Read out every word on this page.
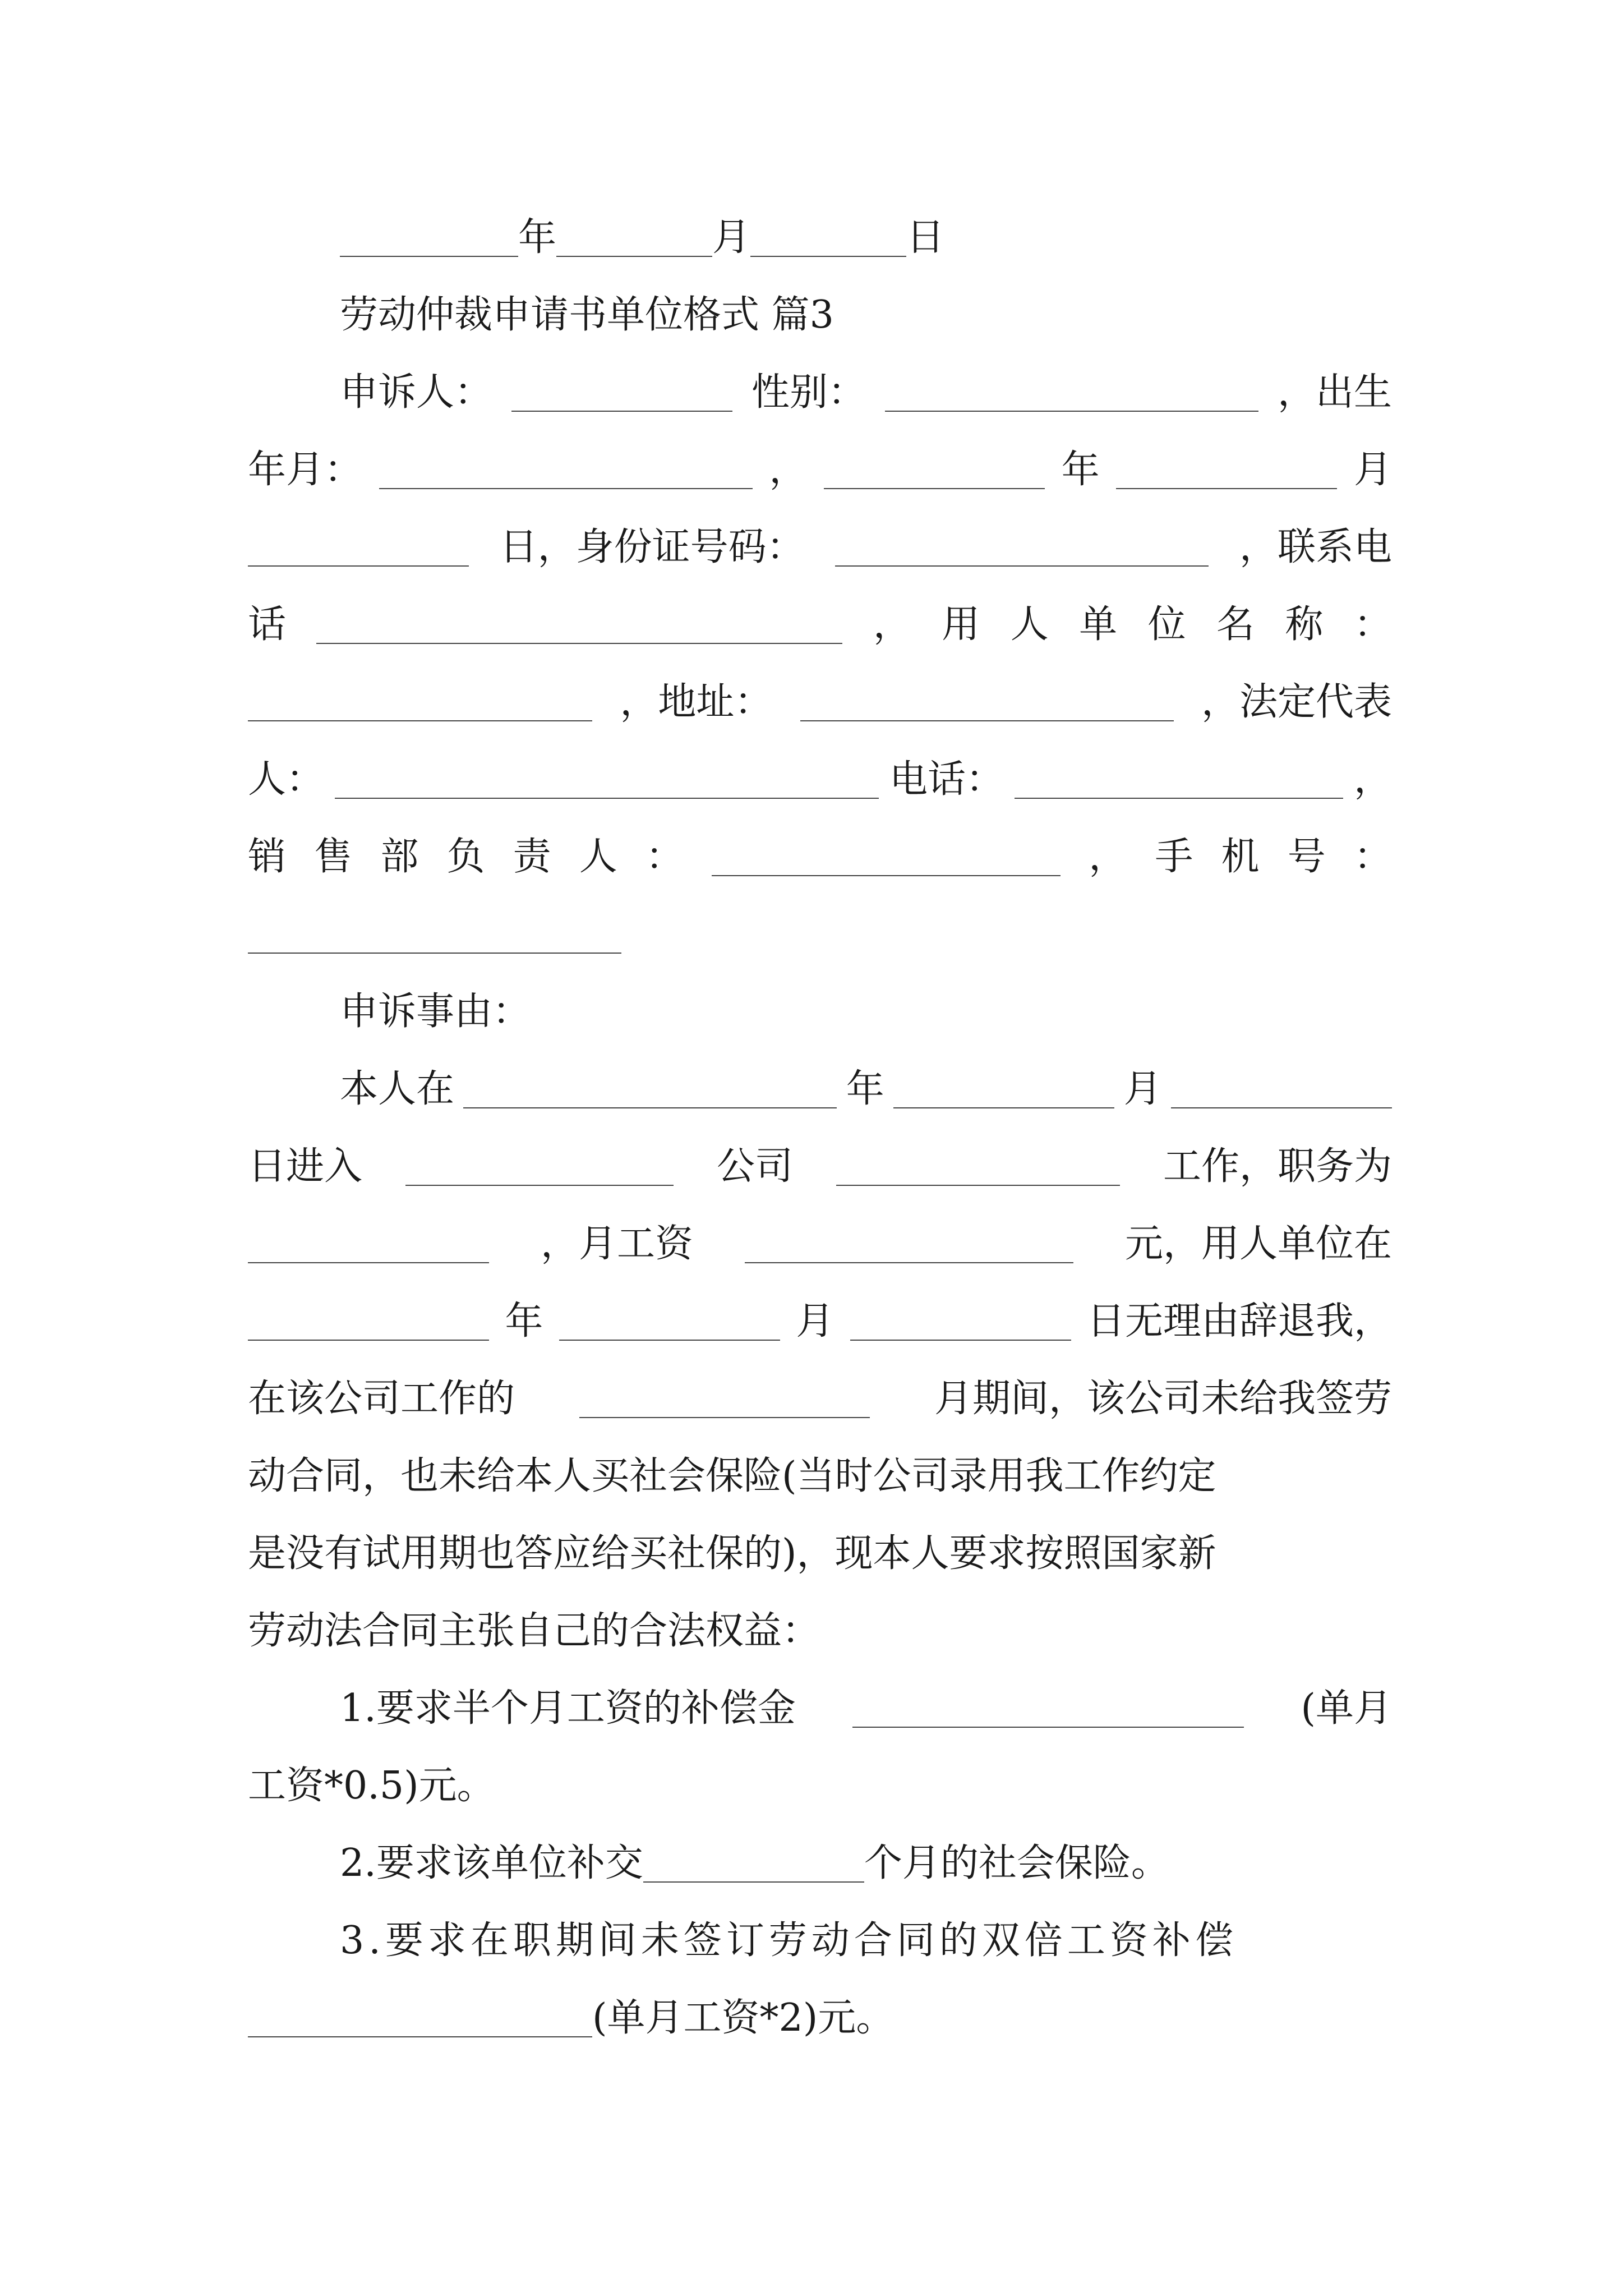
年	月	日
劳动仲裁申请书单位格式 篇3
申诉人：	性别：	，出生
年月：	，	年	月
日，身份证号码：	，联系电
话	， 用 人 单 位 名 称 ：
，地址：	，法定代表
人：	电话：	，
销 售 部 负 责 人 ：	， 手 机 号 ：
申诉事由：
本人在	年	月
日进入	公司	工作，职务为
，月工资	元，用人单位在
年	月	日无理由辞退我，
在该公司工作的	月期间，该公司未给我签劳
动合同，也未给本人买社会保险(当时公司录用我工作约定
是没有试用期也答应给买社保的)，现本人要求按照国家新
劳动法合同主张自己的合法权益：
1.要求半个月工资的补偿金	(单月
工资*0.5)元。
2.要求该单位补交	个月的社会保险。
3.要求在职期间未签订劳动合同的双倍工资补偿
(单月工资*2)元。
